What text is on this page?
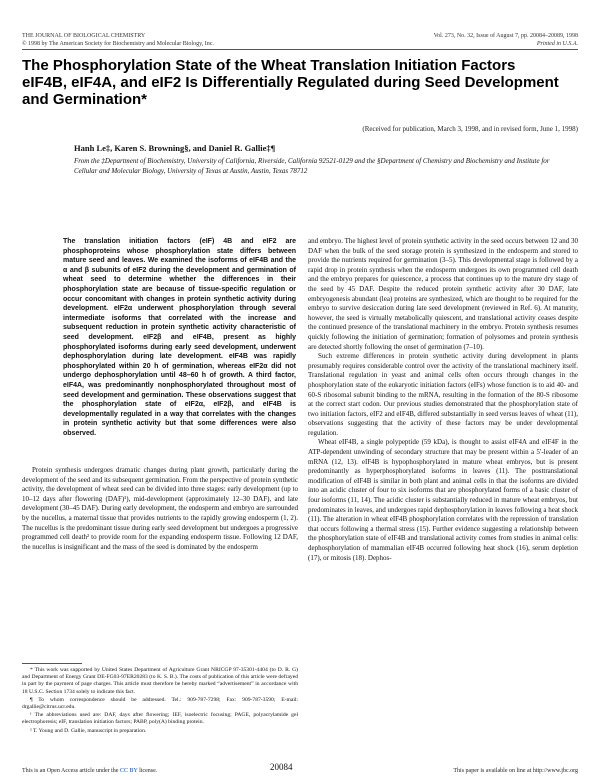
THE JOURNAL OF BIOLOGICAL CHEMISTRY
© 1998 by The American Society for Biochemistry and Molecular Biology, Inc.
Vol. 273, No. 32, Issue of August 7, pp. 20084–20089, 1998
Printed in U.S.A.
The Phosphorylation State of the Wheat Translation Initiation Factors eIF4B, eIF4A, and eIF2 Is Differentially Regulated during Seed Development and Germination*
(Received for publication, March 3, 1998, and in revised form, June 1, 1998)
Hanh Le‡, Karen S. Browning§, and Daniel R. Gallie‡¶
From the ‡Department of Biochemistry, University of California, Riverside, California 92521-0129 and the §Department of Chemistry and Biochemistry and Institute for Cellular and Molecular Biology, University of Texas at Austin, Austin, Texas 78712

The translation initiation factors (eIF) 4B and eIF2 are phosphoproteins whose phosphorylation state differs between mature seed and leaves. We examined the isoforms of eIF4B and the α and β subunits of eIF2 during the development and germination of wheat seed to determine whether the differences in their phosphorylation state are because of tissue-specific regulation or occur concomitant with changes in protein synthetic activity during development. eIF2α underwent phosphorylation through several intermediate isoforms that correlated with the increase and subsequent reduction in protein synthetic activity characteristic of seed development. eIF2β and eIF4B, present as highly phosphorylated isoforms during early seed development, underwent dephosphorylation during late development. eIF4B was rapidly phosphorylated within 20 h of germination, whereas eIF2α did not undergo dephosphorylation until 48–60 h of growth. A third factor, eIF4A, was predominantly nonphosphorylated throughout most of seed development and germination. These observations suggest that the phosphorylation state of eIF2α, eIF2β, and eIF4B is developmentally regulated in a way that correlates with the changes in protein synthetic activity but that some differences were also observed.

Protein synthesis undergoes dramatic changes during plant growth, particularly during the development of the seed and its subsequent germination. From the perspective of protein synthetic activity, the development of wheat seed can be divided into three stages: early development (up to 10–12 days after flowering (DAF)¹), mid-development (approximately 12–30 DAF), and late development (30–45 DAF). During early development, the endosperm and embryo are surrounded by the nucellus, a maternal tissue that provides nutrients to the rapidly growing endosperm (1, 2). The nucellus is the predominant tissue during early seed development but undergoes a progressive programmed cell death² to provide room for the expanding endosperm tissue. Following 12 DAF, the nucellus is insignificant and the mass of the seed is dominated by the endosperm

and embryo. The highest level of protein synthetic activity in the seed occurs between 12 and 30 DAF when the bulk of the seed storage protein is synthesized in the endosperm and stored to provide the nutrients required for germination (3–5). This developmental stage is followed by a rapid drop in protein synthesis when the endosperm undergoes its own programmed cell death and the embryo prepares for quiescence, a process that continues up to the mature dry stage of the seed by 45 DAF. Despite the reduced protein synthetic activity after 30 DAF, late embryogenesis abundant (lea) proteins are synthesized, which are thought to be required for the embryo to survive desiccation during late seed development (reviewed in Ref. 6). At maturity, however, the seed is virtually metabolically quiescent, and translational activity ceases despite the continued presence of the translational machinery in the embryo. Protein synthesis resumes quickly following the initiation of germination; formation of polysomes and protein synthesis are detected shortly following the onset of germination (7–10).

Such extreme differences in protein synthetic activity during development in plants presumably requires considerable control over the activity of the translational machinery itself. Translational regulation in yeast and animal cells often occurs through changes in the phosphorylation state of the eukaryotic initiation factors (eIFs) whose function is to aid 40- and 60-S ribosomal subunit binding to the mRNA, resulting in the formation of the 80-S ribosome at the correct start codon. Our previous studies demonstrated that the phosphorylation state of two initiation factors, eIF2 and eIF4B, differed substantially in seed versus leaves of wheat (11), observations suggesting that the activity of these factors may be under developmental regulation.

Wheat eIF4B, a single polypeptide (59 kDa), is thought to assist eIF4A and eIF4F in the ATP-dependent unwinding of secondary structure that may be present within a 5′-leader of an mRNA (12, 13). eIF4B is hypophosphorylated in mature wheat embryos, but is present predominantly as hyperphosphorylated isoforms in leaves (11). The posttranslational modification of eIF4B is similar in both plant and animal cells in that the isoforms are divided into an acidic cluster of four to six isoforms that are phosphorylated forms of a basic cluster of four isoforms (11, 14). The acidic cluster is substantially reduced in mature wheat embryos, but predominates in leaves, and undergoes rapid dephosphorylation in leaves following a heat shock (11). The alteration in wheat eIF4B phosphorylation correlates with the repression of translation that occurs following a thermal stress (15). Further evidence suggesting a relationship between the phosphorylation state of eIF4B and translational activity comes from studies in animal cells: dephosphorylation of mammalian eIF4B occurred following heat shock (16), serum depletion (17), or mitosis (18). Dephos-

* This work was supported by United States Department of Agriculture Grant NRICGP 97-35301-4404 (to D. R. G) and Department of Energy Grant DE-FG03-97ER20283 (to K. S. B.). The costs of publication of this article were defrayed in part by the payment of page charges. This article must therefore be hereby marked “advertisement” in accordance with 18 U.S.C. Section 1734 solely to indicate this fact.

¶ To whom correspondence should be addressed. Tel.: 909-787-7298; Fax: 909-787-3590; E-mail: drgallie@citrus.ucr.edu.

¹ The abbreviations used are: DAF, days after flowering; IEF, isoelectric focusing; PAGE, polyacrylamide gel electrophoresis; eIF, translation initiation factors; PABP, poly(A) binding protein.

² T. Young and D. Gallie, manuscript in preparation.

20084
This is an Open Access article under the CC BY license.	This paper is available on line at http://www.jbc.org
